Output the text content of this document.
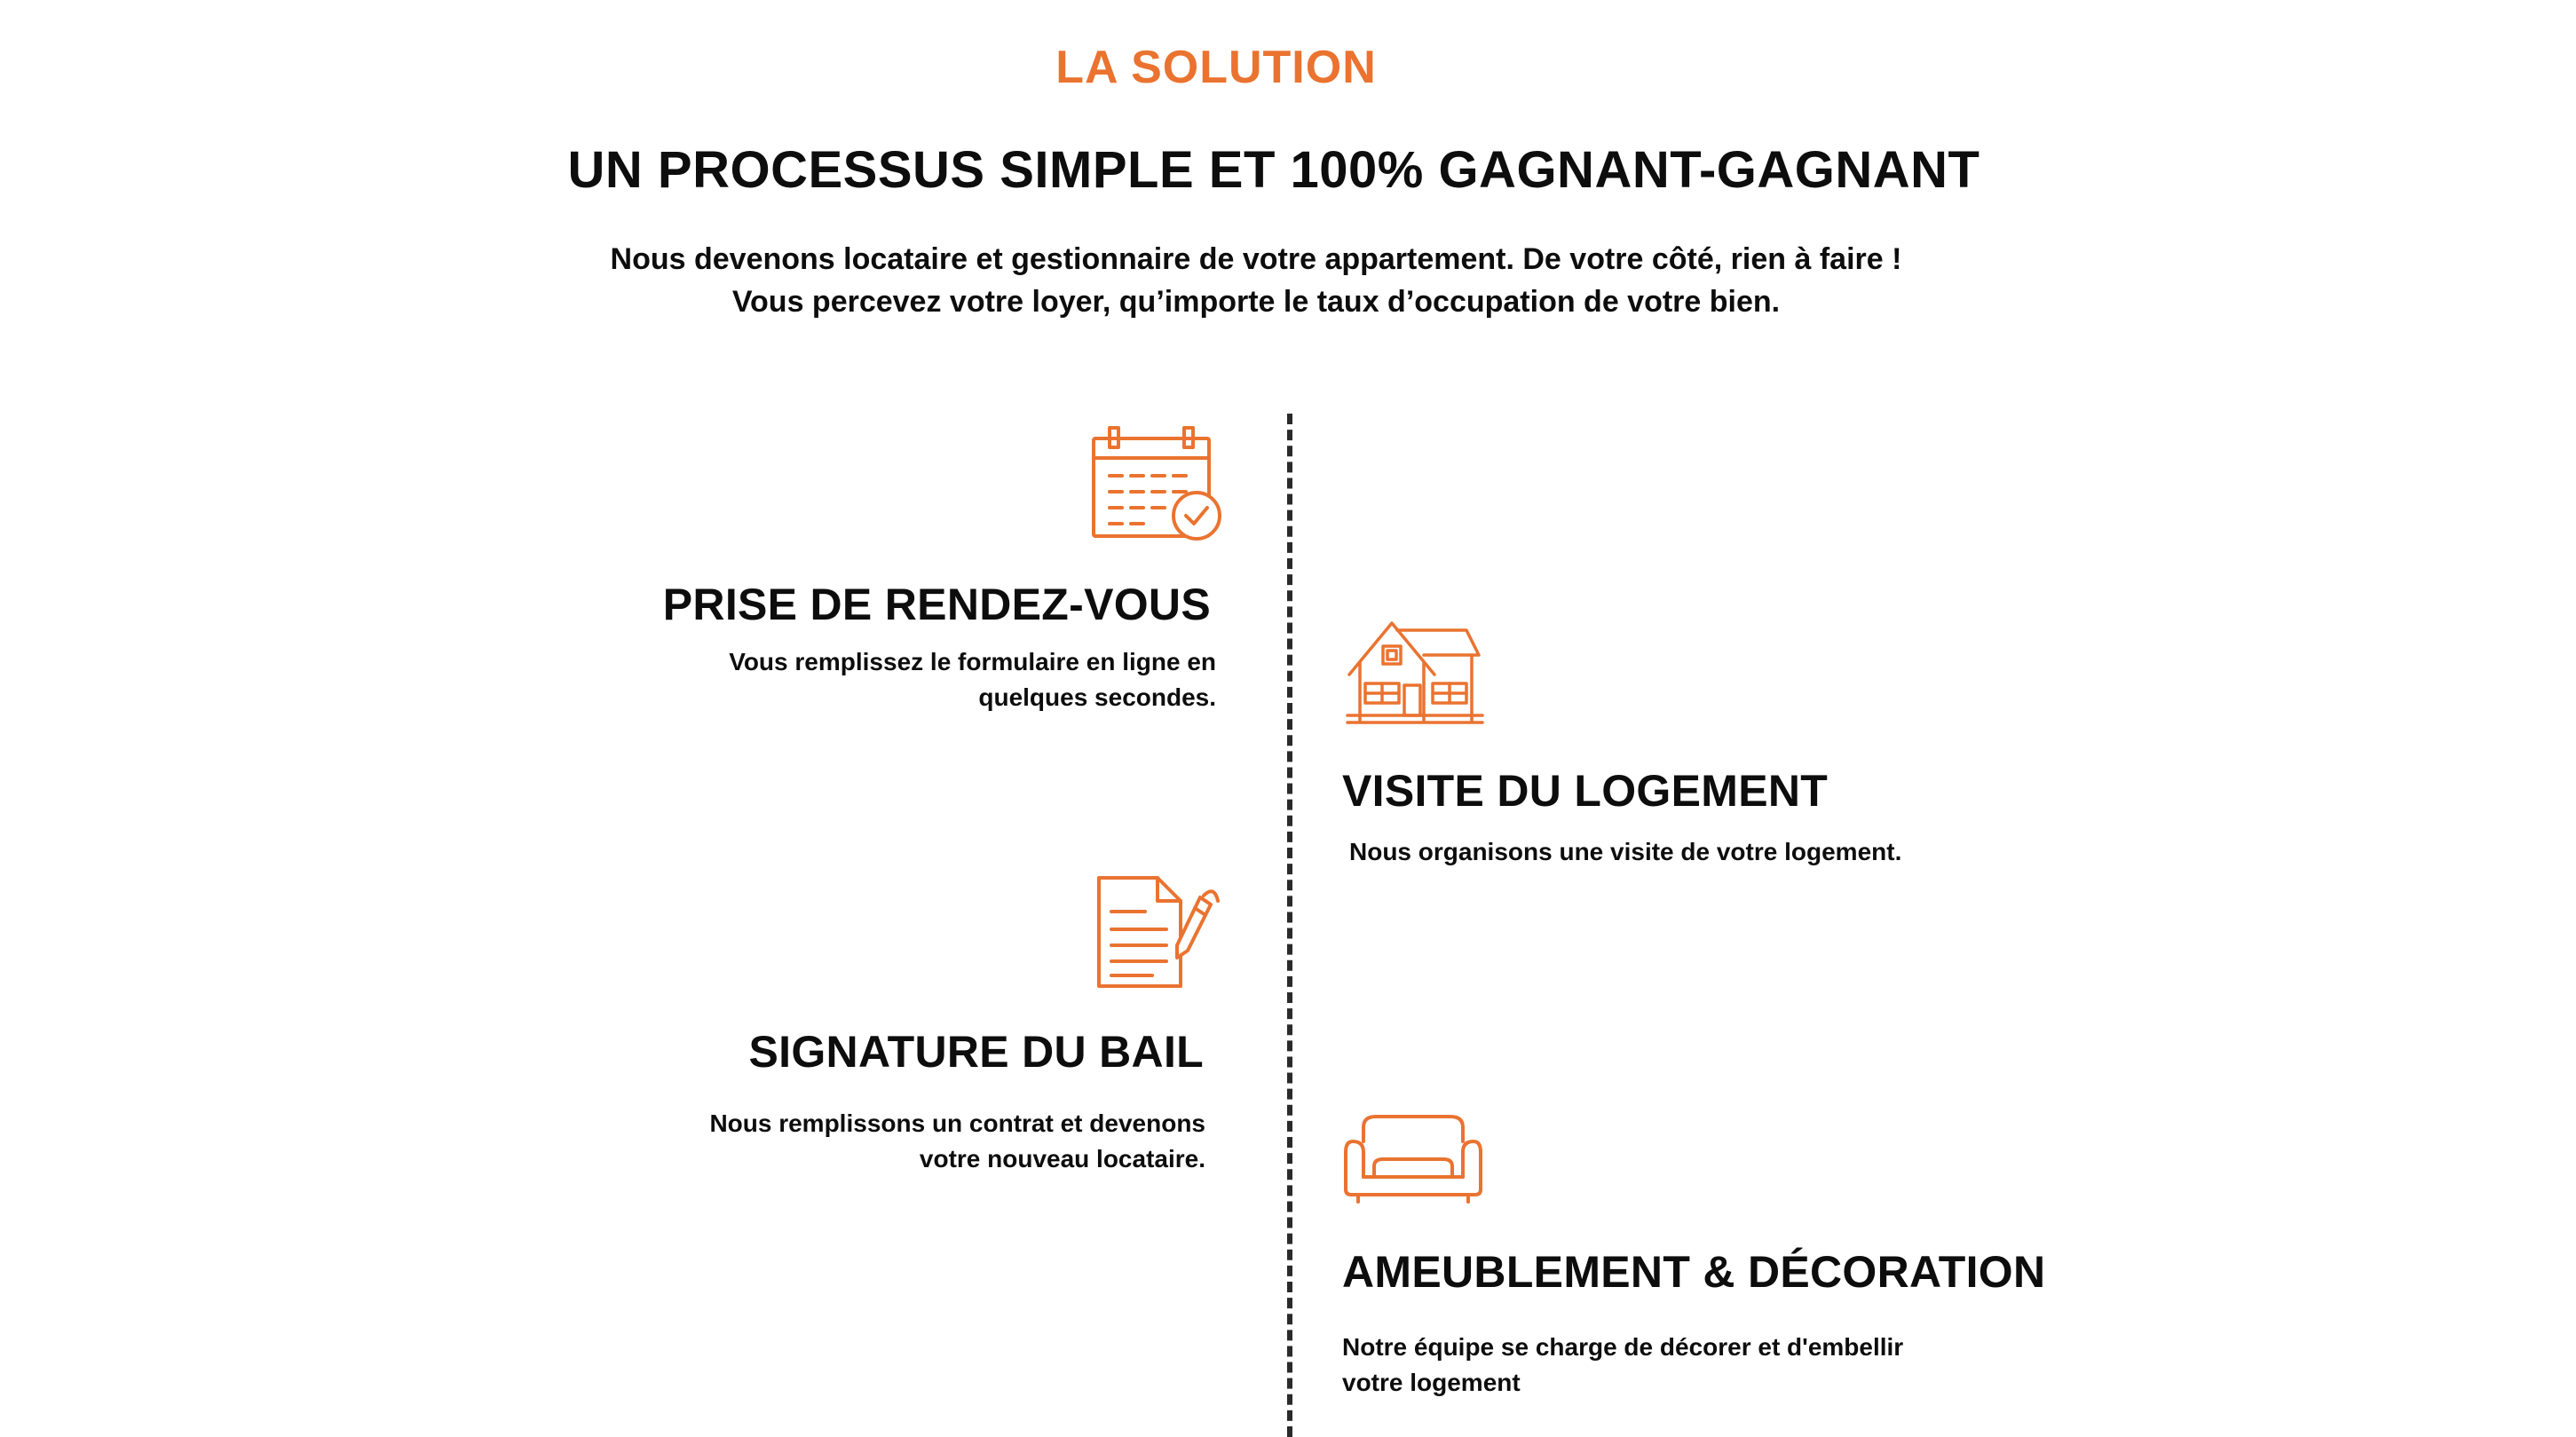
LA SOLUTION
UN PROCESSUS SIMPLE ET 100% GAGNANT-GAGNANT
Nous devenons locataire et gestionnaire de votre appartement. De votre côté, rien à faire !
Vous percevez votre loyer, qu’importe le taux d’occupation de votre bien.
PRISE DE RENDEZ-VOUS
Vous remplissez le formulaire en ligne en
quelques secondes.
VISITE DU LOGEMENT
Nous organisons une visite de votre logement.
SIGNATURE DU BAIL
Nous remplissons un contrat et devenons
votre nouveau locataire.
AMEUBLEMENT & DÉCORATION
Notre équipe se charge de décorer et d'embellir
votre logement
